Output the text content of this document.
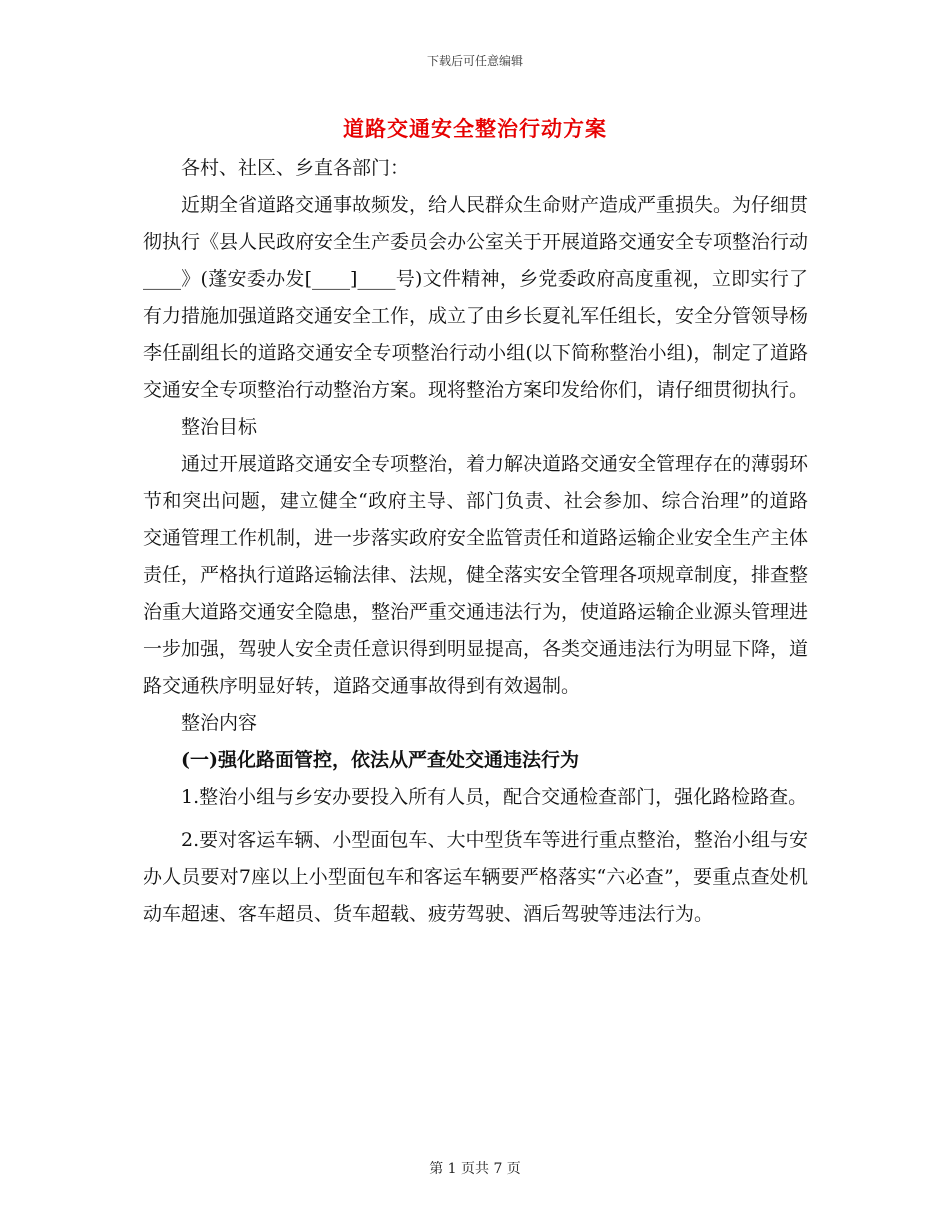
下载后可任意编辑
道路交通安全整治行动方案

各村、社区、乡直各部门：

近期全省道路交通事故频发，给人民群众生命财产造成严重损失。为仔细贯彻执行《县人民政府安全生产委员会办公室关于开展道路交通安全专项整治行动____》(蓬安委办发[____]____号)文件精神，乡党委政府高度重视，立即实行了有力措施加强道路交通安全工作，成立了由乡长夏礼军任组长，安全分管领导杨李任副组长的道路交通安全专项整治行动小组(以下简称整治小组)，制定了道路交通安全专项整治行动整治方案。现将整治方案印发给你们，请仔细贯彻执行。

整治目标

通过开展道路交通安全专项整治，着力解决道路交通安全管理存在的薄弱环节和突出问题，建立健全“政府主导、部门负责、社会参加、综合治理”的道路交通管理工作机制，进一步落实政府安全监管责任和道路运输企业安全生产主体责任，严格执行道路运输法律、法规，健全落实安全管理各项规章制度，排查整治重大道路交通安全隐患，整治严重交通违法行为，使道路运输企业源头管理进一步加强，驾驶人安全责任意识得到明显提高，各类交通违法行为明显下降，道路交通秩序明显好转，道路交通事故得到有效遏制。

整治内容

(一)强化路面管控，依法从严查处交通违法行为

1.整治小组与乡安办要投入所有人员，配合交通检查部门，强化路检路查。

2.要对客运车辆、小型面包车、大中型货车等进行重点整治，整治小组与安办人员要对7座以上小型面包车和客运车辆要严格落实“六必查”，要重点查处机动车超速、客车超员、货车超载、疲劳驾驶、酒后驾驶等违法行为。

第 1 页共 7 页
